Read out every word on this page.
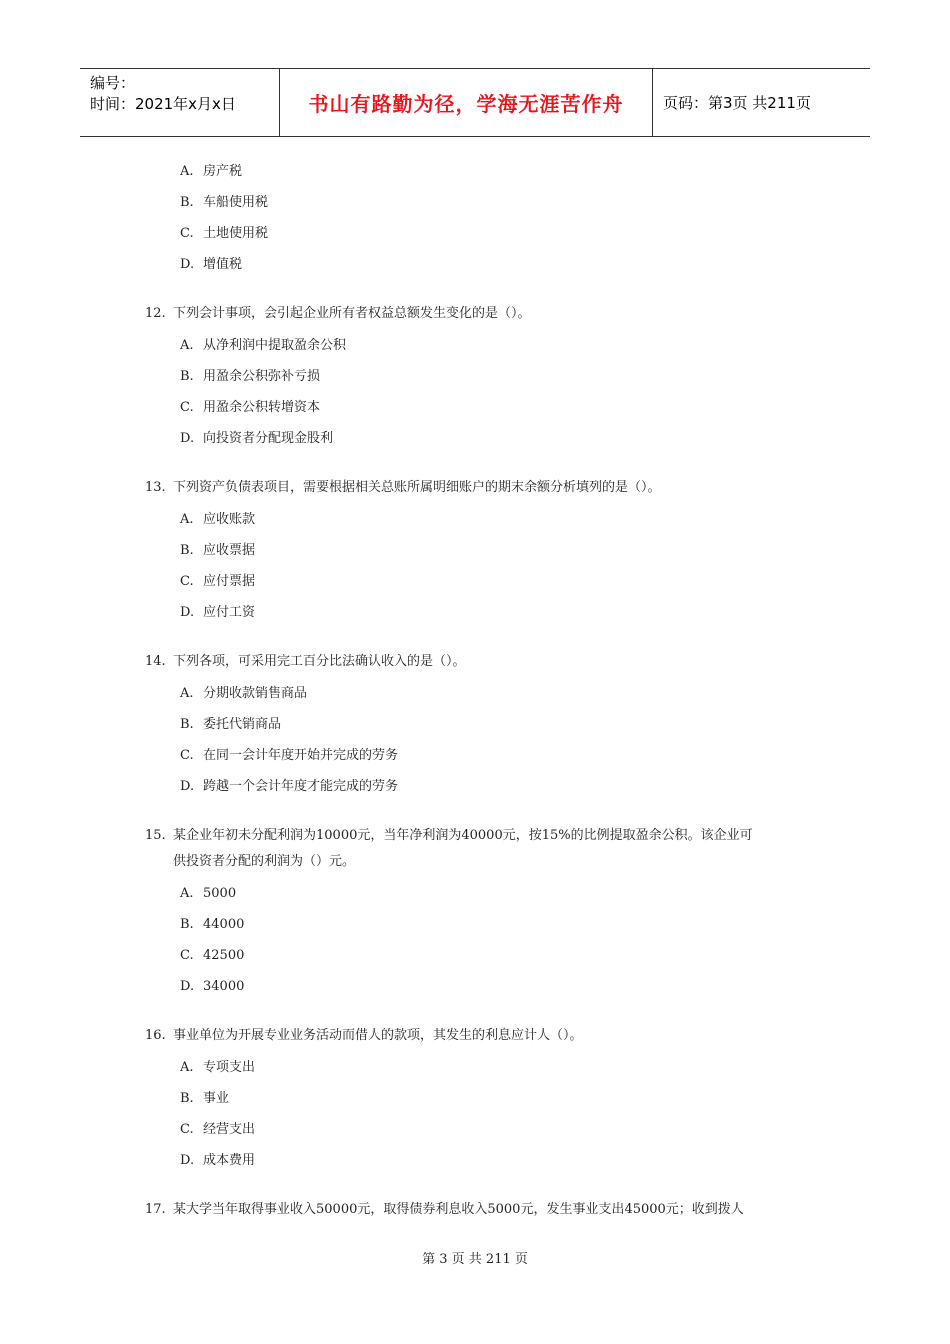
编号：
时间：2021年x月x日	书山有路勤为径，学海无涯苦作舟	页码：第3页 共211页
A. 房产税
B. 车船使用税
C. 土地使用税
D. 增值税
12. 下列会计事项，会引起企业所有者权益总额发生变化的是（）。
A. 从净利润中提取盈余公积
B. 用盈余公积弥补亏损
C. 用盈余公积转增资本
D. 向投资者分配现金股利
13. 下列资产负债表项目，需要根据相关总账所属明细账户的期末余额分析填列的是（）。
A. 应收账款
B. 应收票据
C. 应付票据
D. 应付工资
14. 下列各项，可采用完工百分比法确认收入的是（）。
A. 分期收款销售商品
B. 委托代销商品
C. 在同一会计年度开始并完成的劳务
D. 跨越一个会计年度才能完成的劳务
15. 某企业年初未分配利润为10000元，当年净利润为40000元，按15%的比例提取盈余公积。该企业可
供投资者分配的利润为（）元。
A. 5000
B. 44000
C. 42500
D. 34000
16. 事业单位为开展专业业务活动而借人的款项，其发生的利息应计人（）。
A. 专项支出
B. 事业
C. 经营支出
D. 成本费用
17. 某大学当年取得事业收入50000元，取得债券利息收入5000元，发生事业支出45000元；收到拨人
第 3 页 共 211 页
